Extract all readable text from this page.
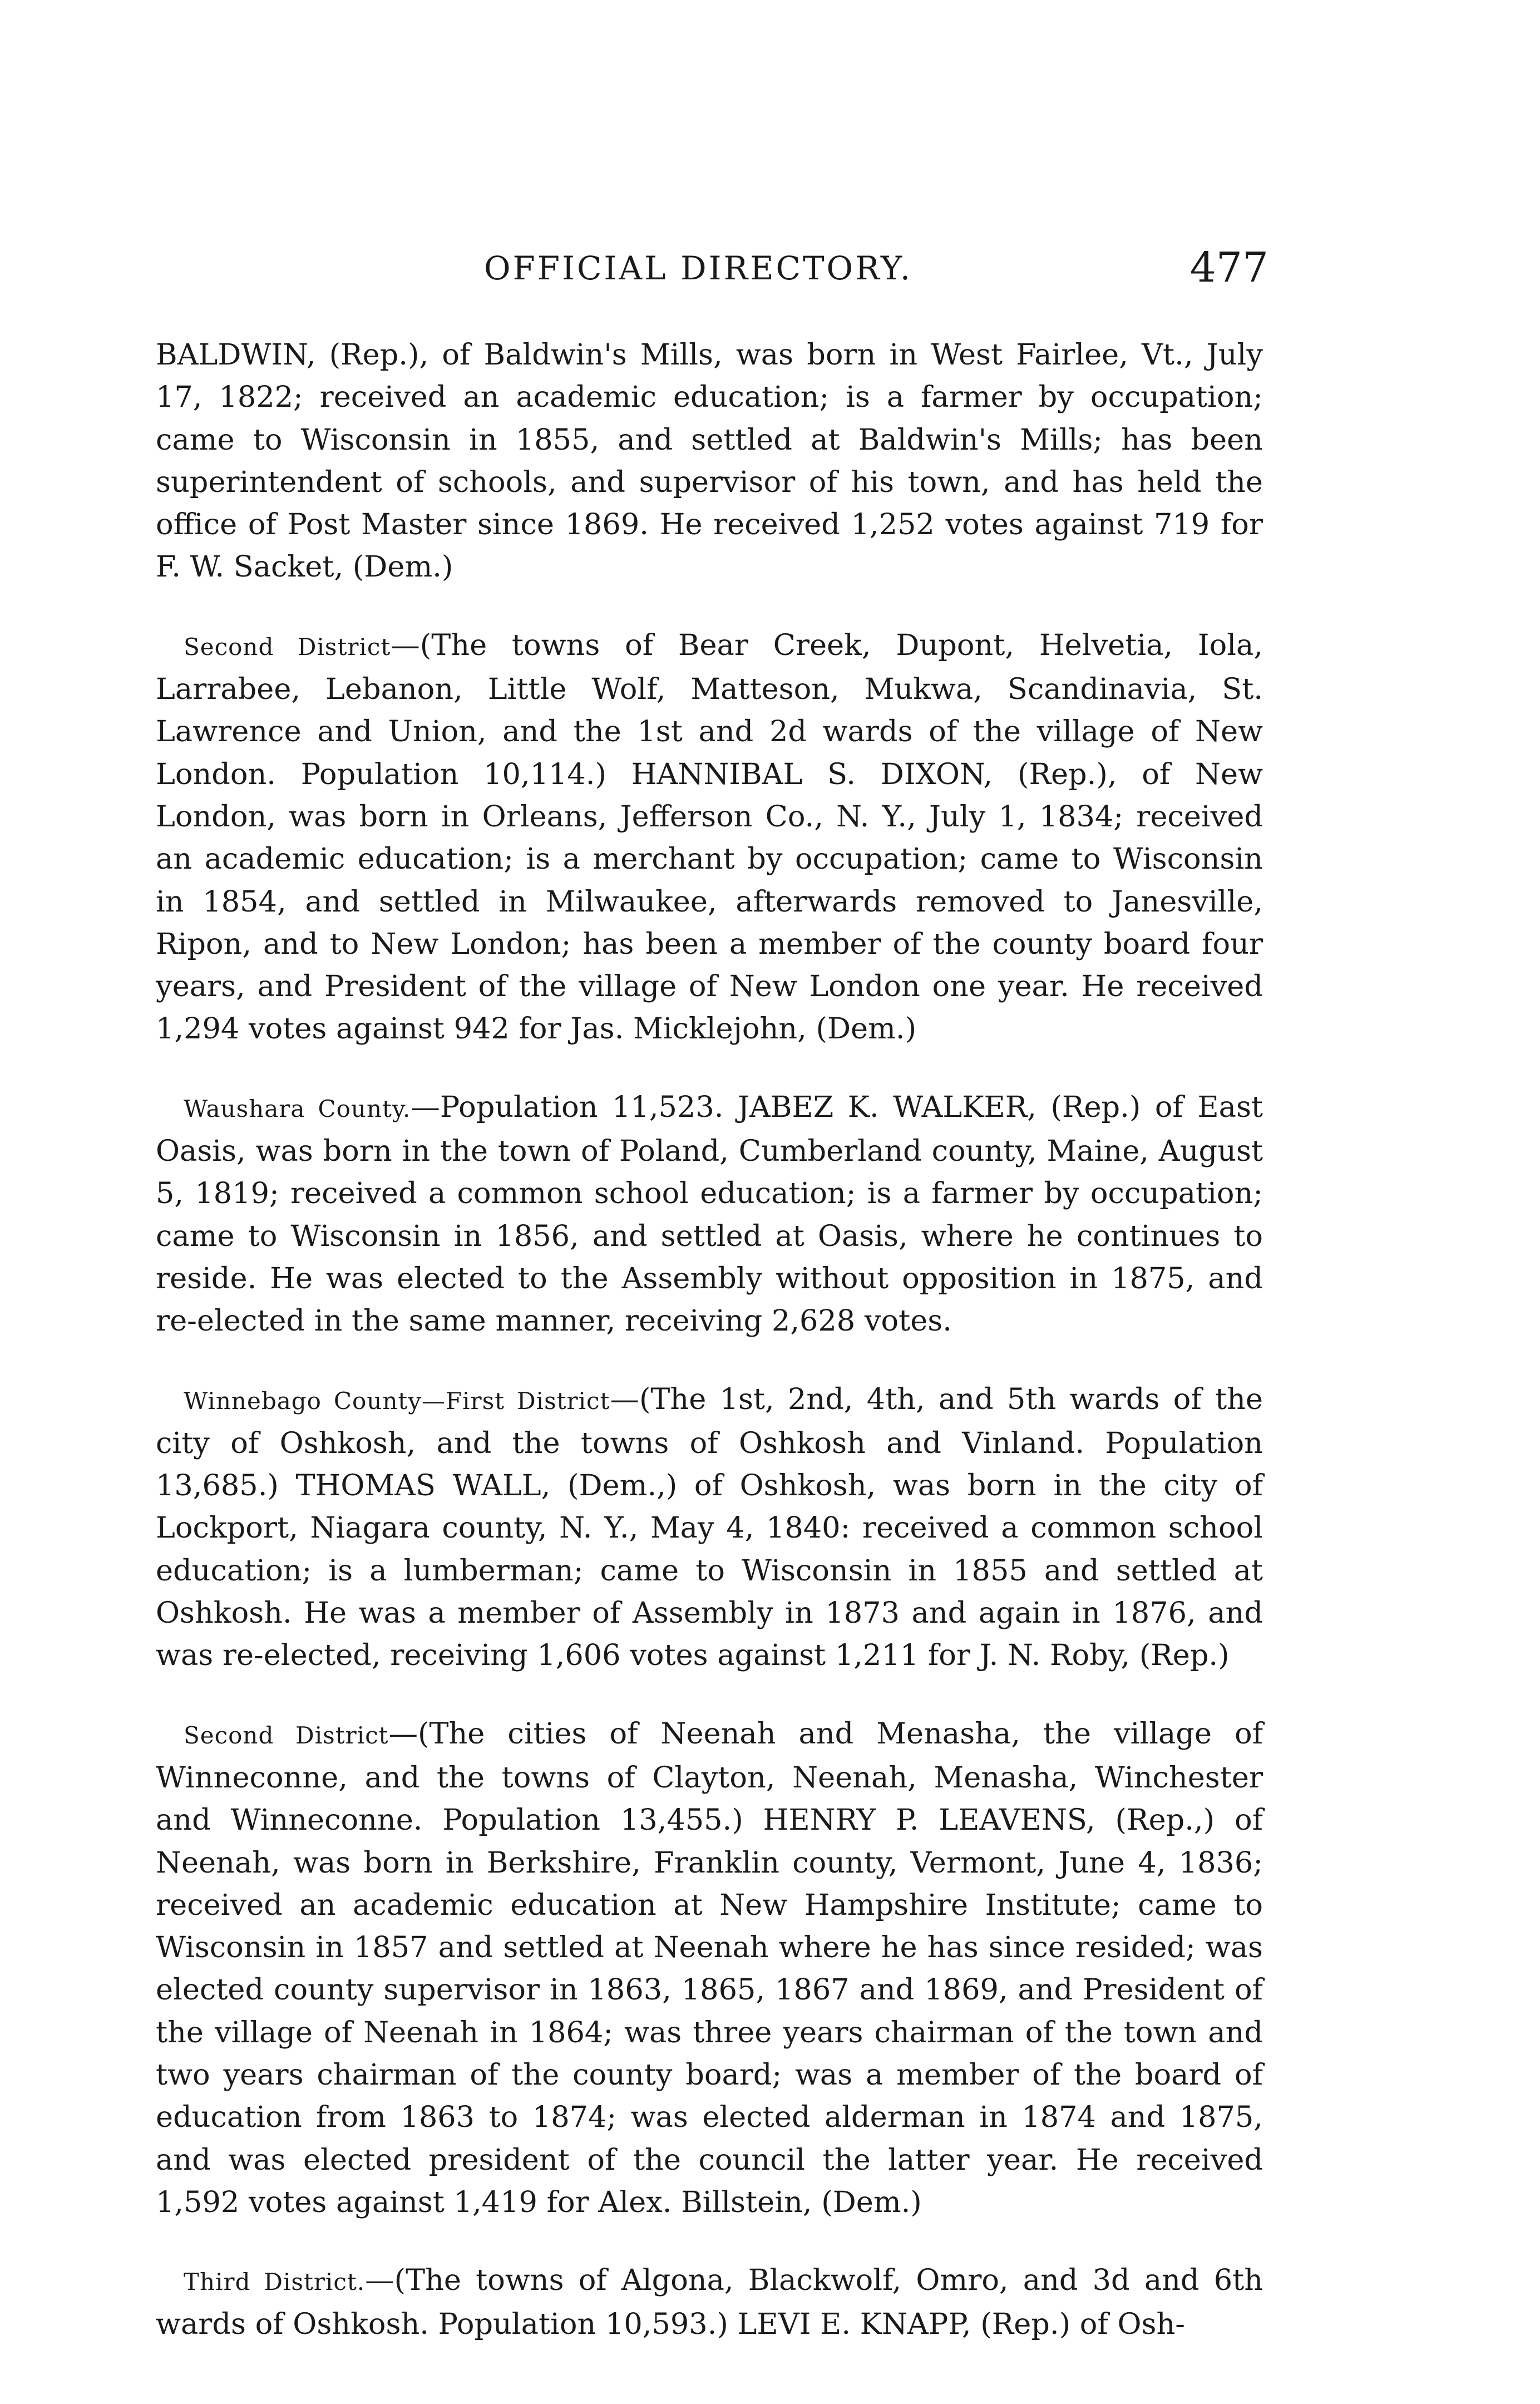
OFFICIAL DIRECTORY.	477

BALDWIN, (Rep.), of Baldwin's Mills, was born in West Fairlee, Vt., July 17, 1822; received an academic education; is a farmer by occupation; came to Wisconsin in 1855, and settled at Baldwin's Mills; has been superintendent of schools, and supervisor of his town, and has held the office of Post Master since 1869. He received 1,252 votes against 719 for F. W. Sacket, (Dem.)

Second District—(The towns of Bear Creek, Dupont, Helvetia, Iola, Larrabee, Lebanon, Little Wolf, Matteson, Mukwa, Scandinavia, St. Lawrence and Union, and the 1st and 2d wards of the village of New London. Population 10,114.) HANNIBAL S. DIXON, (Rep.), of New London, was born in Orleans, Jefferson Co., N. Y., July 1, 1834; received an academic education; is a merchant by occupation; came to Wisconsin in 1854, and settled in Milwaukee, afterwards removed to Janesville, Ripon, and to New London; has been a member of the county board four years, and President of the village of New London one year. He received 1,294 votes against 942 for Jas. Micklejohn, (Dem.)

Waushara County.—Population 11,523. JABEZ K. WALKER, (Rep.) of East Oasis, was born in the town of Poland, Cumberland county, Maine, August 5, 1819; received a common school education; is a farmer by occupation; came to Wisconsin in 1856, and settled at Oasis, where he continues to reside. He was elected to the Assembly without opposition in 1875, and re-elected in the same manner, receiving 2,628 votes.

Winnebago County—First District—(The 1st, 2nd, 4th, and 5th wards of the city of Oshkosh, and the towns of Oshkosh and Vinland. Population 13,685.) THOMAS WALL, (Dem.,) of Oshkosh, was born in the city of Lockport, Niagara county, N. Y., May 4, 1840: received a common school education; is a lumberman; came to Wisconsin in 1855 and settled at Oshkosh. He was a member of Assembly in 1873 and again in 1876, and was re-elected, receiving 1,606 votes against 1,211 for J. N. Roby, (Rep.)

Second District—(The cities of Neenah and Menasha, the village of Winneconne, and the towns of Clayton, Neenah, Menasha, Winchester and Winneconne. Population 13,455.) HENRY P. LEAVENS, (Rep.,) of Neenah, was born in Berkshire, Franklin county, Vermont, June 4, 1836; received an academic education at New Hampshire Institute; came to Wisconsin in 1857 and settled at Neenah where he has since resided; was elected county supervisor in 1863, 1865, 1867 and 1869, and President of the village of Neenah in 1864; was three years chairman of the town and two years chairman of the county board; was a member of the board of education from 1863 to 1874; was elected alderman in 1874 and 1875, and was elected president of the council the latter year. He received 1,592 votes against 1,419 for Alex. Billstein, (Dem.)

Third District.—(The towns of Algona, Blackwolf, Omro, and 3d and 6th wards of Oshkosh. Population 10,593.) LEVI E. KNAPP, (Rep.) of Osh-
